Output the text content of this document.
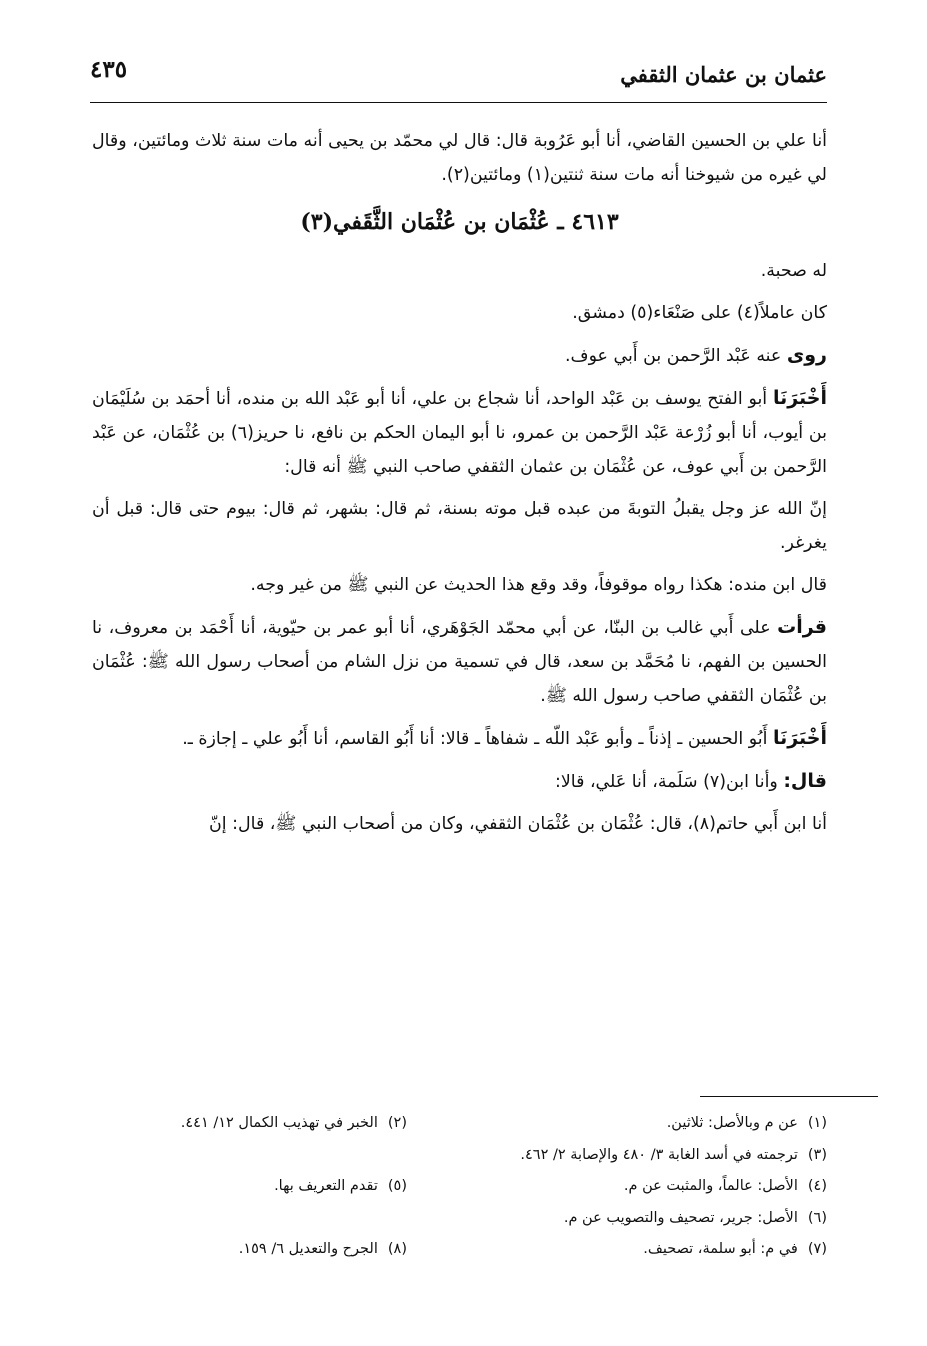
عثمان بن عثمان الثقفي
٤٣٥

أنا علي بن الحسين القاضي، أنا أبو عَرُوبة قال: قال لي محمّد بن يحيى أنه مات سنة ثلاث ومائتين، وقال لي غيره من شيوخنا أنه مات سنة ثنتين(١) ومائتين(٢).

٤٦١٣ ـ عُثْمَان بن عُثْمَان الثَّقَفي(٣)

له صحبة.

كان عاملاً(٤) على صَنْعَاء(٥) دمشق.

روى عنه عَبْد الرَّحمن بن أَبي عوف.

أَخْبَرَنَا أبو الفتح يوسف بن عَبْد الواحد، أنا شجاع بن علي، أنا أبو عَبْد الله بن منده، أنا أحمَد بن سُلَيْمَان بن أيوب، أنا أبو زُرْعة عَبْد الرَّحمن بن عمرو، نا أبو اليمان الحكم بن نافع، نا حريز(٦) بن عُثْمَان، عن عَبْد الرَّحمن بن أَبي عوف، عن عُثْمَان بن عثمان الثقفي صاحب النبي ﷺ أنه قال:

إنّ الله عز وجل يقبلُ التوبةَ من عبده قبل موته بسنة، ثم قال: بشهر، ثم قال: بيوم حتى قال: قبل أن يغرغر.

قال ابن منده: هكذا رواه موقوفاً، وقد وقع هذا الحديث عن النبي ﷺ من غير وجه.

قرأت على أَبي غالب بن البنّا، عن أبي محمّد الجَوْهَري، أنا أبو عمر بن حيّوية، أنا أَحْمَد بن معروف، نا الحسين بن الفهم، نا مُحَمَّد بن سعد، قال في تسمية من نزل الشام من أصحاب رسول الله ﷺ: عُثْمَان بن عُثْمَان الثقفي صاحب رسول الله ﷺ.

أَخْبَرَنَا أَبُو الحسين ـ إذناً ـ وأبو عَبْد اللّه ـ شفاهاً ـ قالا: أنا أَبُو القاسم، أنا أَبُو علي ـ إجازة ـ.

قال: وأنا ابن(٧) سَلَمة، أنا عَلي، قالا:

أنا ابن أَبي حاتم(٨)، قال: عُثْمَان بن عُثْمَان الثقفي، وكان من أصحاب النبي ﷺ، قال: إنّ

(١)عن م وبالأصل: ثلاثين.
(٢)الخبر في تهذيب الكمال ١٢/ ٤٤١.
(٣)ترجمته في أسد الغابة ٣/ ٤٨٠ والإصابة ٢/ ٤٦٢.
(٤)الأصل: عالماً، والمثبت عن م.
(٥)تقدم التعريف بها.
(٦)الأصل: جرير، تصحيف والتصويب عن م.
(٧)في م: أبو سلمة، تصحيف.
(٨)الجرح والتعديل ٦/ ١٥٩.
